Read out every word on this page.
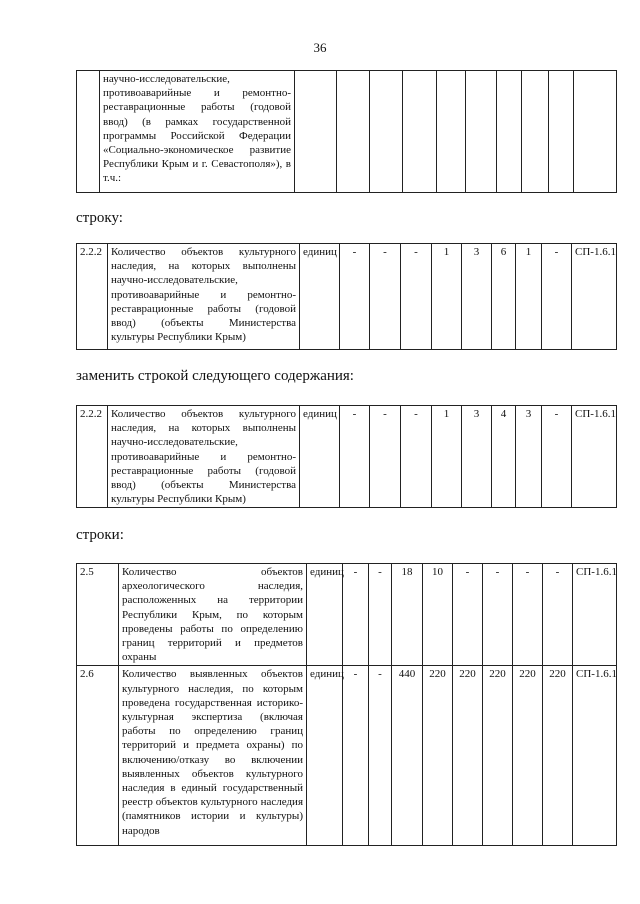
36
	научно-исследовательские, противоаварийные и ремонтно-реставрационные работы (годовой ввод) (в рамках государственной программы Российской Федерации «Социально-экономическое развитие Республики Крым и г. Севастополя»), в т.ч.:										
строку:
2.2.2	Количество объектов культурного наследия, на которых выполнены научно-исследовательские, противоаварийные и ремонтно-реставрационные работы (годовой ввод) (объекты Министерства культуры Республики Крым)	единиц	-	-	-	1	3	6	1	-	СП-1.6.1
заменить строкой следующего содержания:
2.2.2	Количество объектов культурного наследия, на которых выполнены научно-исследовательские, противоаварийные и ремонтно-реставрационные работы (годовой ввод) (объекты Министерства культуры Республики Крым)	единиц	-	-	-	1	3	4	3	-	СП-1.6.1
строки:
2.5	Количество объектов археологического наследия, расположенных на территории Республики Крым, по которым проведены работы по определению границ территорий и предметов охраны	единиц	-	-	18	10	-	-	-	-	СП-1.6.1
2.6	Количество выявленных объектов культурного наследия, по которым проведена государственная историко-культурная экспертиза (включая работы по определению границ территорий и предмета охраны) по включению/отказу во включении выявленных объектов культурного наследия в единый государственный реестр объектов культурного наследия (памятников истории и культуры) народов	единиц	-	-	440	220	220	220	220	220	СП-1.6.1
